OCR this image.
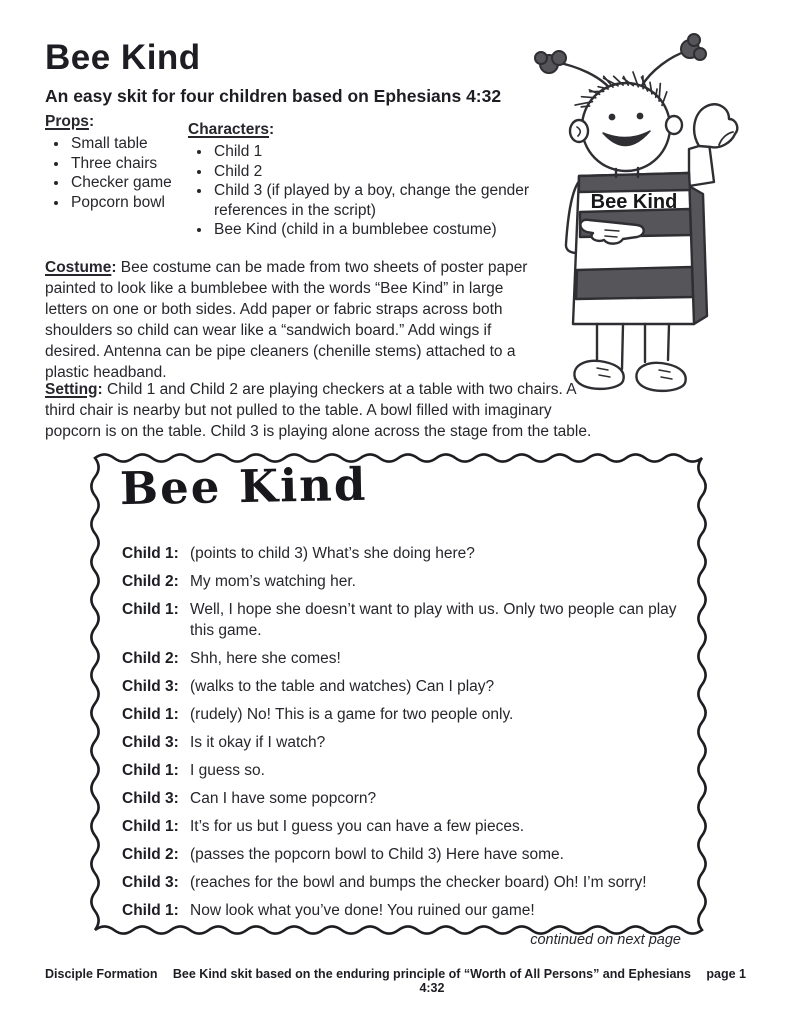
Bee Kind
An easy skit for four children based on Ephesians 4:32
Props:
• Small table
• Three chairs
• Checker game
• Popcorn bowl
Characters:
• Child 1
• Child 2
• Child 3 (if played by a boy, change the gender references in the script)
• Bee Kind (child in a bumblebee costume)

Costume: Bee costume can be made from two sheets of poster paper painted to look like a bumblebee with the words “Bee Kind” in large letters on one or both sides. Add paper or fabric straps across both shoulders so child can wear like a “sandwich board.” Add wings if desired. Antenna can be pipe cleaners (chenille stems) attached to a plastic headband.

Setting: Child 1 and Child 2 are playing checkers at a table with two chairs. A third chair is nearby but not pulled to the table. A bowl filled with imaginary popcorn is on the table. Child 3 is playing alone across the stage from the table.

Bee Kind
Bee Kind
Child 1: (points to child 3) What’s she doing here?
Child 2: My mom’s watching her.
Child 1: Well, I hope she doesn’t want to play with us. Only two people can play this game.
Child 2: Shh, here she comes!
Child 3: (walks to the table and watches) Can I play?
Child 1: (rudely) No! This is a game for two people only.
Child 3: Is it okay if I watch?
Child 1: I guess so.
Child 3: Can I have some popcorn?
Child 1: It’s for us but I guess you can have a few pieces.
Child 2: (passes the popcorn bowl to Child 3) Here have some.
Child 3: (reaches for the bowl and bumps the checker board) Oh! I’m sorry!
Child 1: Now look what you’ve done! You ruined our game!
continued on next page
Disciple Formation	Bee Kind skit based on the enduring principle of “Worth of All Persons” and Ephesians 4:32
page 1
